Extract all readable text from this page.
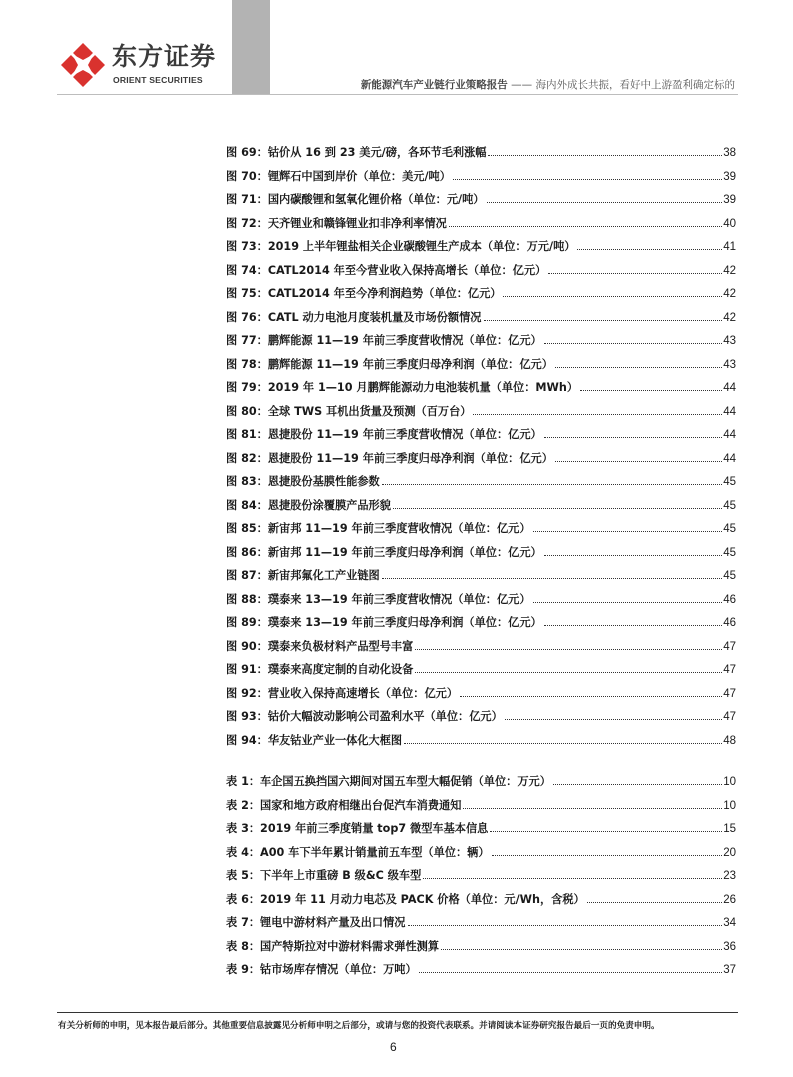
东方证券
ORIENT SECURITIES	新能源汽车产业链行业策略报告 —— 海内外成长共振，看好中上游盈利确定标的
图 69：钴价从 16 到 23 美元/磅，各环节毛利涨幅	38
图 70：锂辉石中国到岸价（单位：美元/吨）	39
图 71：国内碳酸锂和氢氧化锂价格（单位：元/吨）	39
图 72：天齐锂业和赣锋锂业扣非净利率情况	40
图 73：2019 上半年锂盐相关企业碳酸锂生产成本（单位：万元/吨）	41
图 74：CATL2014 年至今营业收入保持高增长（单位：亿元）	42
图 75：CATL2014 年至今净利润趋势（单位：亿元）	42
图 76：CATL 动力电池月度装机量及市场份额情况	42
图 77：鹏辉能源 11—19 年前三季度营收情况（单位：亿元）	43
图 78：鹏辉能源 11—19 年前三季度归母净利润（单位：亿元）	43
图 79：2019 年 1—10 月鹏辉能源动力电池装机量（单位：MWh）	44
图 80：全球 TWS 耳机出货量及预测（百万台）	44
图 81：恩捷股份 11—19 年前三季度营收情况（单位：亿元）	44
图 82：恩捷股份 11—19 年前三季度归母净利润（单位：亿元）	44
图 83：恩捷股份基膜性能参数	45
图 84：恩捷股份涂覆膜产品形貌	45
图 85：新宙邦 11—19 年前三季度营收情况（单位：亿元）	45
图 86：新宙邦 11—19 年前三季度归母净利润（单位：亿元）	45
图 87：新宙邦氟化工产业链图	45
图 88：璞泰来 13—19 年前三季度营收情况（单位：亿元）	46
图 89：璞泰来 13—19 年前三季度归母净利润（单位：亿元）	46
图 90：璞泰来负极材料产品型号丰富	47
图 91：璞泰来高度定制的自动化设备	47
图 92：营业收入保持高速增长（单位：亿元）	47
图 93：钴价大幅波动影响公司盈利水平（单位：亿元）	47
图 94：华友钴业产业一体化大框图	48
表 1：车企国五换挡国六期间对国五车型大幅促销（单位：万元）	10
表 2：国家和地方政府相继出台促汽车消费通知	10
表 3：2019 年前三季度销量 top7 微型车基本信息	15
表 4：A00 车下半年累计销量前五车型（单位：辆）	20
表 5：下半年上市重磅 B 级&C 级车型	23
表 6：2019 年 11 月动力电芯及 PACK 价格（单位：元/Wh，含税）	26
表 7：锂电中游材料产量及出口情况	34
表 8：国产特斯拉对中游材料需求弹性测算	36
表 9：钴市场库存情况（单位：万吨）	37
有关分析师的申明，见本报告最后部分。其他重要信息披露见分析师申明之后部分，或请与您的投资代表联系。并请阅读本证券研究报告最后一页的免责申明。
6
